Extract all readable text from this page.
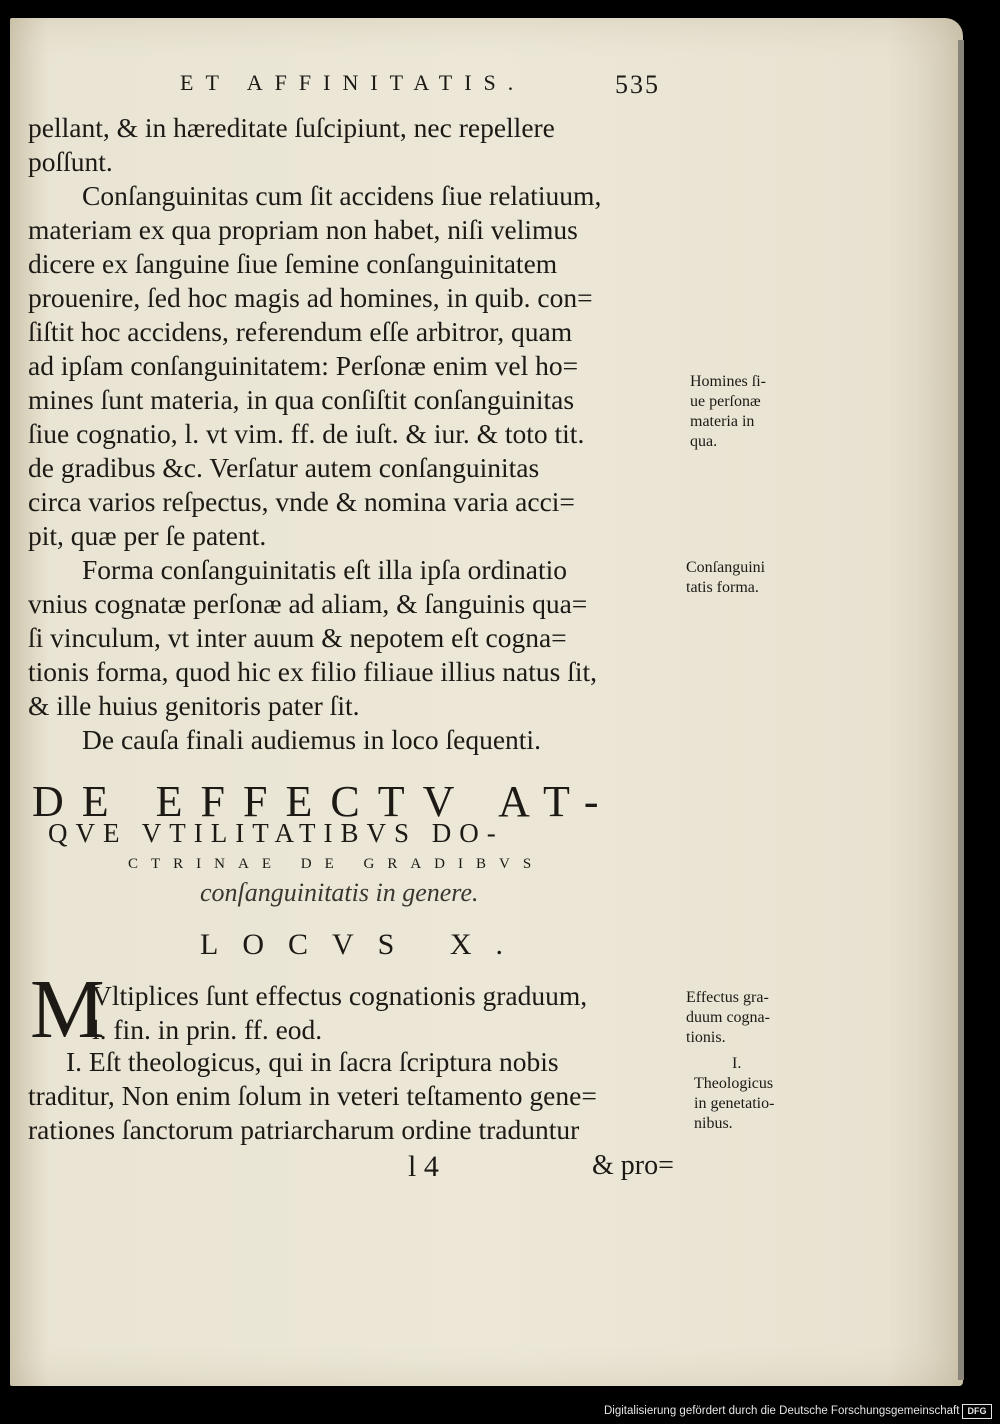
ET AFFINITATIS.	535
pellant, & in hæreditate ſuſcipiunt, nec repellere
poſſunt.
Conſanguinitas cum ſit accidens ſiue relatiuum,
materiam ex qua propriam non habet, niſi velimus
dicere ex ſanguine ſiue ſemine conſanguinitatem
prouenire, ſed hoc magis ad homines, in quib. con=
ſiſtit hoc accidens, referendum eſſe arbitror, quam
ad ipſam conſanguinitatem: Perſonæ enim vel ho=
mines ſunt materia, in qua conſiſtit conſanguinitas
ſiue cognatio, l. vt vim. ff. de iuſt. & iur. & toto tit.
de gradibus &c. Verſatur autem conſanguinitas
circa varios reſpectus, vnde & nomina varia acci=
pit, quæ per ſe patent.
Forma conſanguinitatis eſt illa ipſa ordinatio
vnius cognatæ perſonæ ad aliam, & ſanguinis qua=
ſi vinculum, vt inter auum & nepotem eſt cogna=
tionis forma, quod hic ex filio filiaue illius natus ſit,
& ille huius genitoris pater ſit.
De cauſa finali audiemus in loco ſequenti.
DE EFFECTV AT-
QVE VTILITATIBVS DO-
CTRINAE DE GRADIBVS
conſanguinitatis in genere.
LOCVS X.
M
Vltiplices ſunt effectus cognationis graduum,
l. fin. in prin. ff. eod.
I. Eſt theologicus, qui in ſacra ſcriptura nobis
traditur, Non enim ſolum in veteri teſtamento gene=
rationes ſanctorum patriarcharum ordine traduntur
l 4	& pro=
Homines ſi-
ue perſonæ
materia in
qua.
Conſanguini
tatis forma.
Effectus gra-
duum cogna-
tionis.
I.
Theologicus
in genetatio-
nibus.
Digitalisierung gefördert durch die Deutsche Forschungsgemeinschaft DFG
